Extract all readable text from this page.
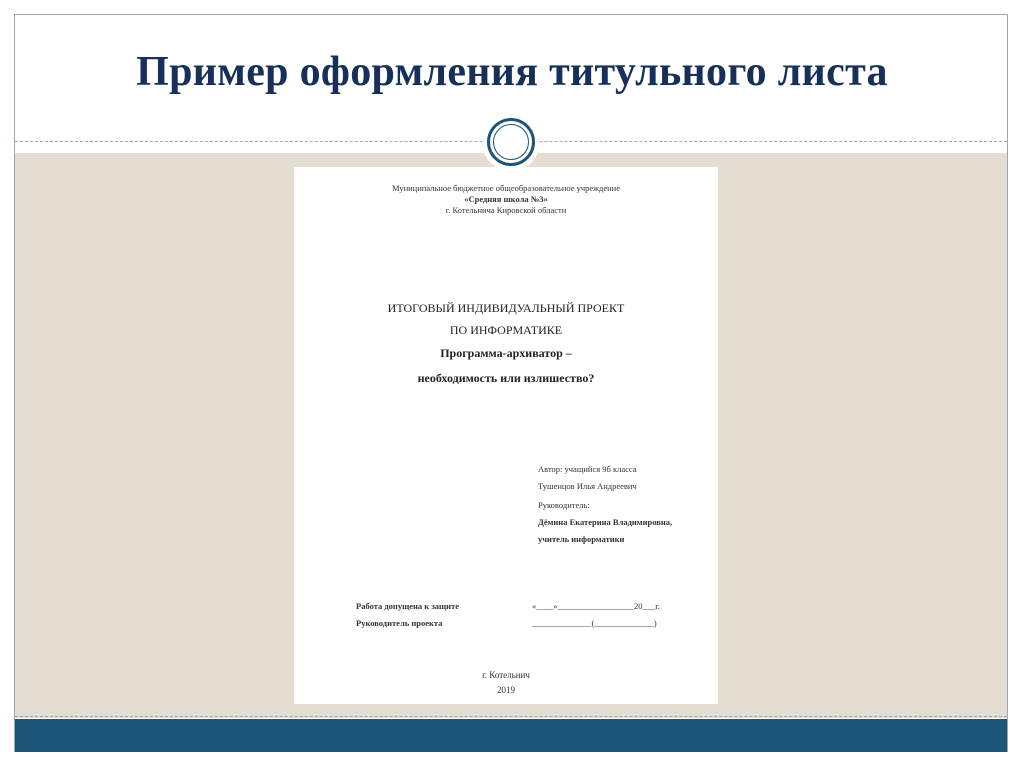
Пример оформления титульного листа
Муниципальное бюджетное общеобразовательное учреждение
«Средняя школа №3»
г. Котельнича Кировской области
ИТОГОВЫЙ ИНДИВИДУАЛЬНЫЙ ПРОЕКТ
ПО ИНФОРМАТИКЕ
Программа-архиватор –
необходимость или излишество?
Автор: учащийся 9б класса
Тушенцов Илья Андреевич
Руководитель:
Дёмина Екатерина Владимировна,
учитель информатики
Работа допущена к защите	«____»__________________20___г.
Руководитель проекта	______________(______________)
г. Котельнич
2019
